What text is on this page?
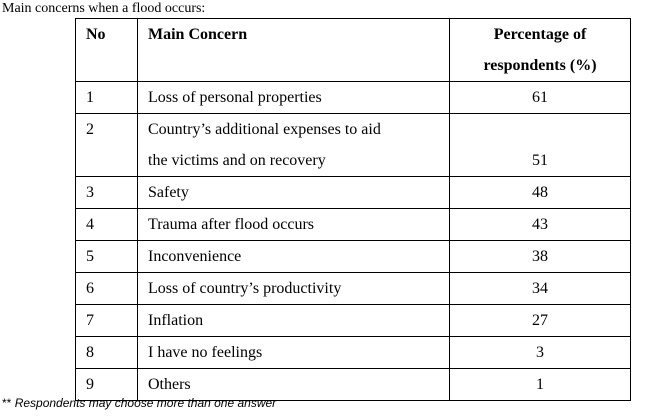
Main concerns when a flood occurs:
No	Main Concern	Percentage of
respondents (%)
1	Loss of personal properties	61
2	Country’s additional expenses to aid
the victims and on recovery	51
3	Safety	48
4	Trauma after flood occurs	43
5	Inconvenience	38
6	Loss of country’s productivity	34
7	Inflation	27
8	I have no feelings	3
9	Others	1
** Respondents may choose more than one answer
